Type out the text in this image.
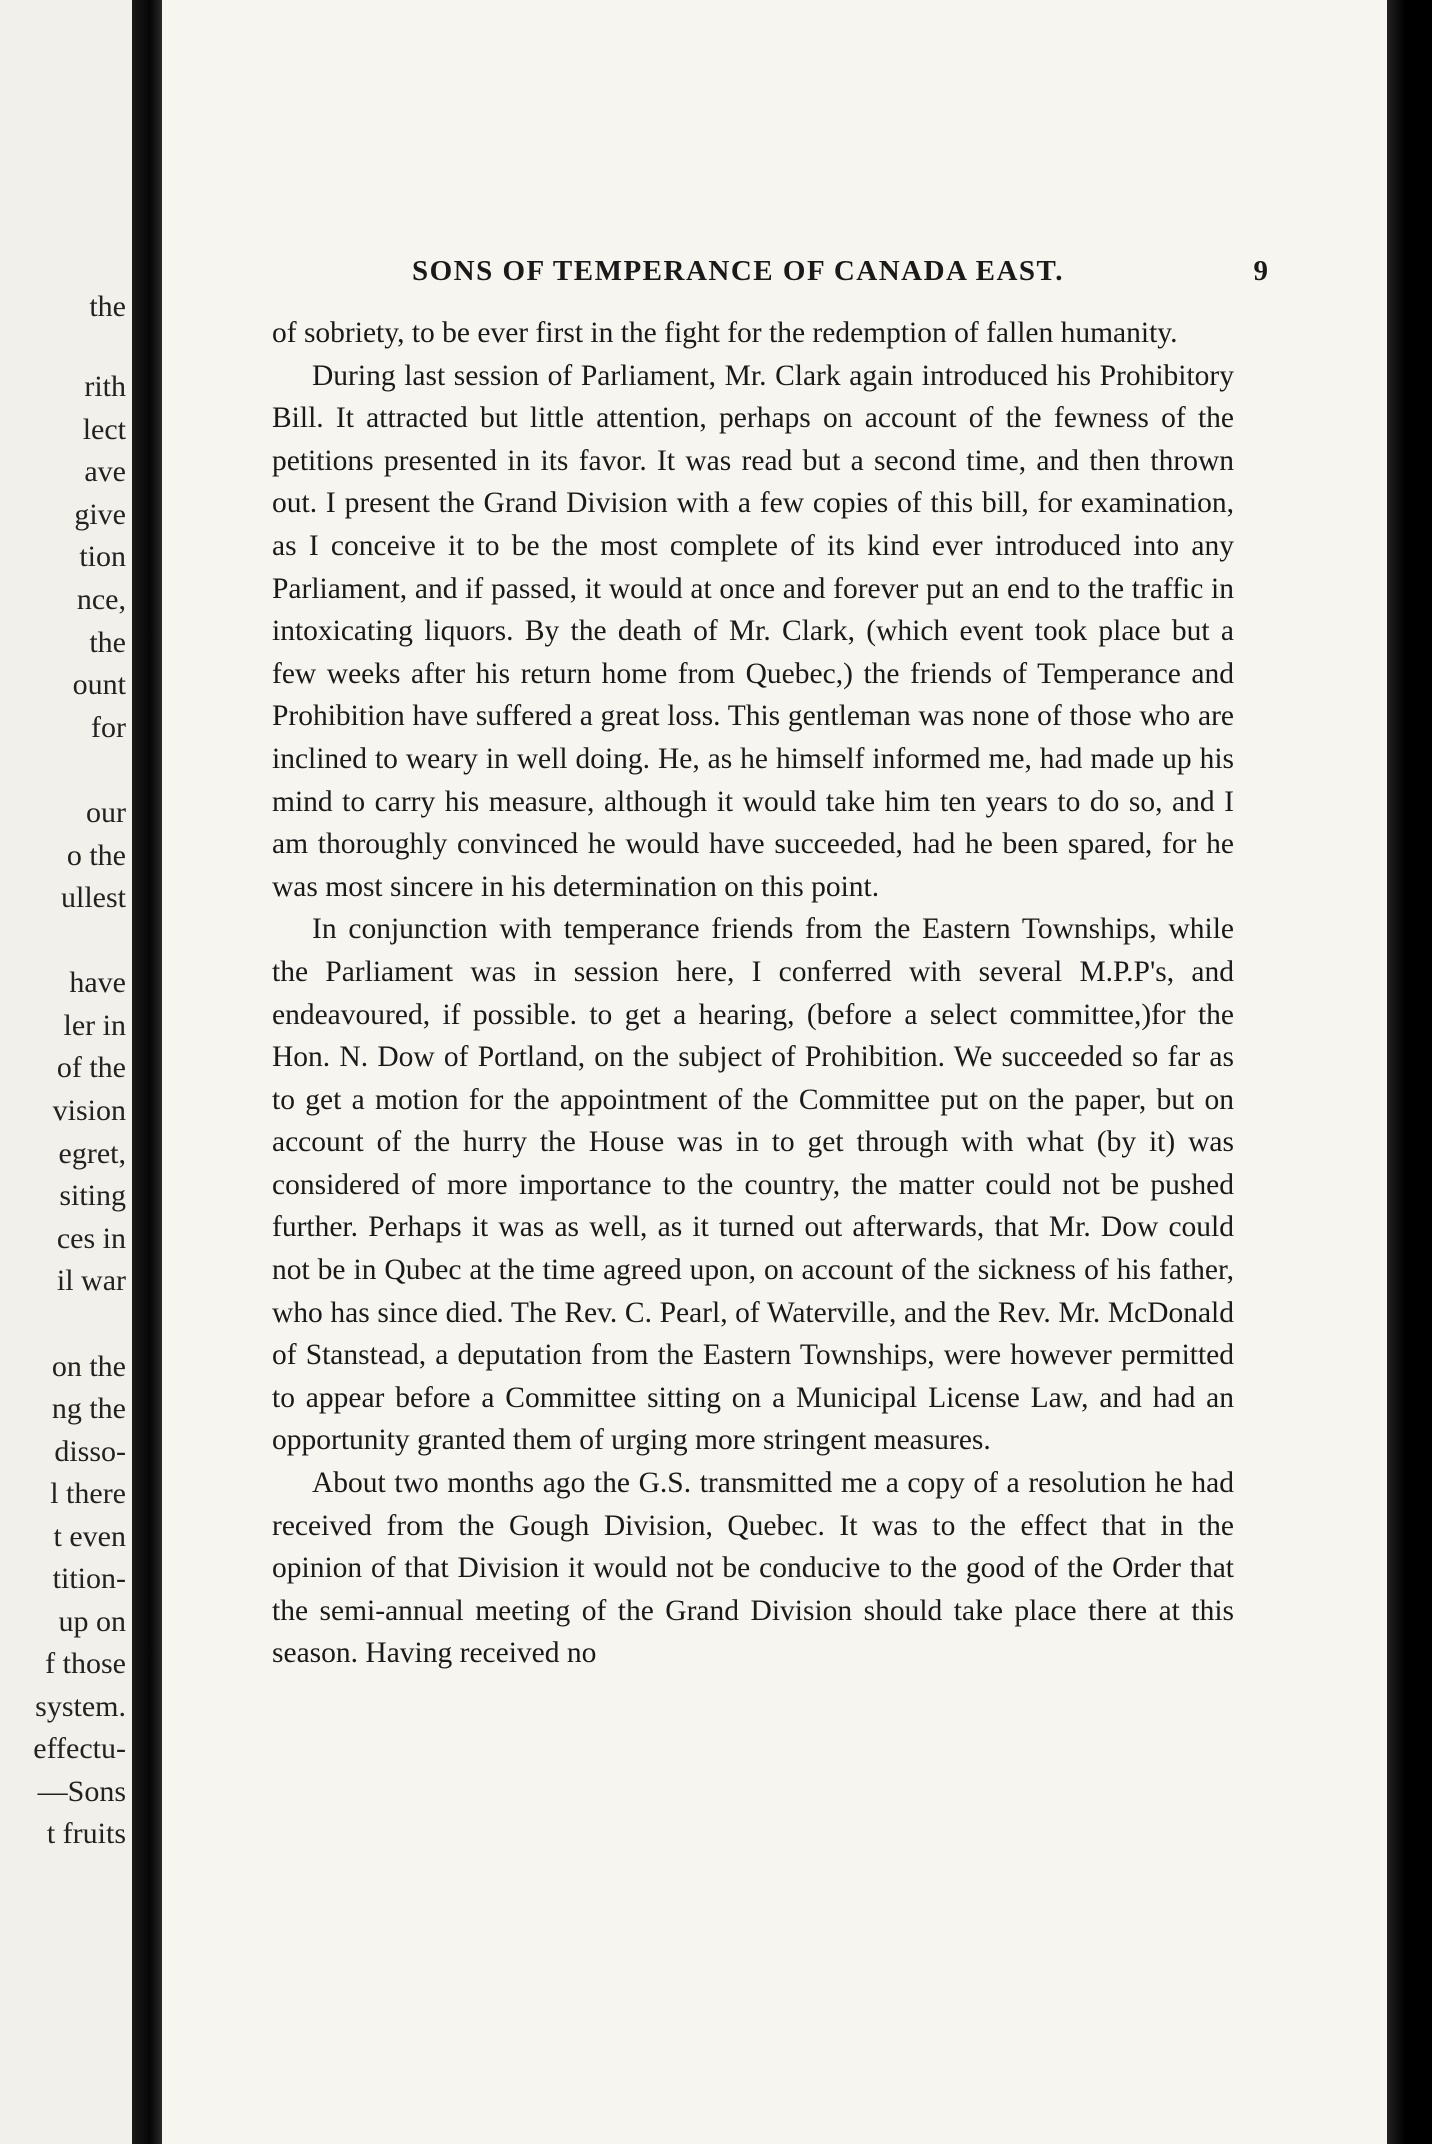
the
rith
lect
ave
give
tion
nce,
the
ount
for
our
o the
ullest
have
ler in
of the
vision
egret,
siting
ces in
il war
on the
ng the
disso-
l there
t even
tition-
up on
f those
system.
effectu-
—Sons
t fruits
SONS OF TEMPERANCE OF CANADA EAST.	9

of sobriety, to be ever first in the fight for the redemption of fallen humanity.

During last session of Parliament, Mr. Clark again introduced his Prohibitory Bill. It attracted but little attention, perhaps on account of the fewness of the petitions presented in its favor. It was read but a second time, and then thrown out. I present the Grand Division with a few copies of this bill, for examination, as I conceive it to be the most complete of its kind ever introduced into any Parliament, and if passed, it would at once and forever put an end to the traffic in intoxicating liquors. By the death of Mr. Clark, (which event took place but a few weeks after his return home from Quebec,) the friends of Temperance and Prohibition have suffered a great loss. This gentleman was none of those who are inclined to weary in well doing. He, as he himself informed me, had made up his mind to carry his measure, although it would take him ten years to do so, and I am thoroughly convinced he would have succeeded, had he been spared, for he was most sincere in his determination on this point.

In conjunction with temperance friends from the Eastern Townships, while the Parliament was in session here, I conferred with several M.P.P's, and endeavoured, if possible. to get a hearing, (before a select committee,)for the Hon. N. Dow of Portland, on the subject of Prohibition. We succeeded so far as to get a motion for the appointment of the Committee put on the paper, but on account of the hurry the House was in to get through with what (by it) was considered of more importance to the country, the matter could not be pushed further. Perhaps it was as well, as it turned out afterwards, that Mr. Dow could not be in Qubec at the time agreed upon, on account of the sickness of his father, who has since died. The Rev. C. Pearl, of Waterville, and the Rev. Mr. McDonald of Stanstead, a deputation from the Eastern Townships, were however permitted to appear before a Committee sitting on a Municipal License Law, and had an opportunity granted them of urging more stringent measures.

About two months ago the G.S. transmitted me a copy of a resolution he had received from the Gough Division, Quebec. It was to the effect that in the opinion of that Division it would not be conducive to the good of the Order that the semi-annual meeting of the Grand Division should take place there at this season. Having received no
